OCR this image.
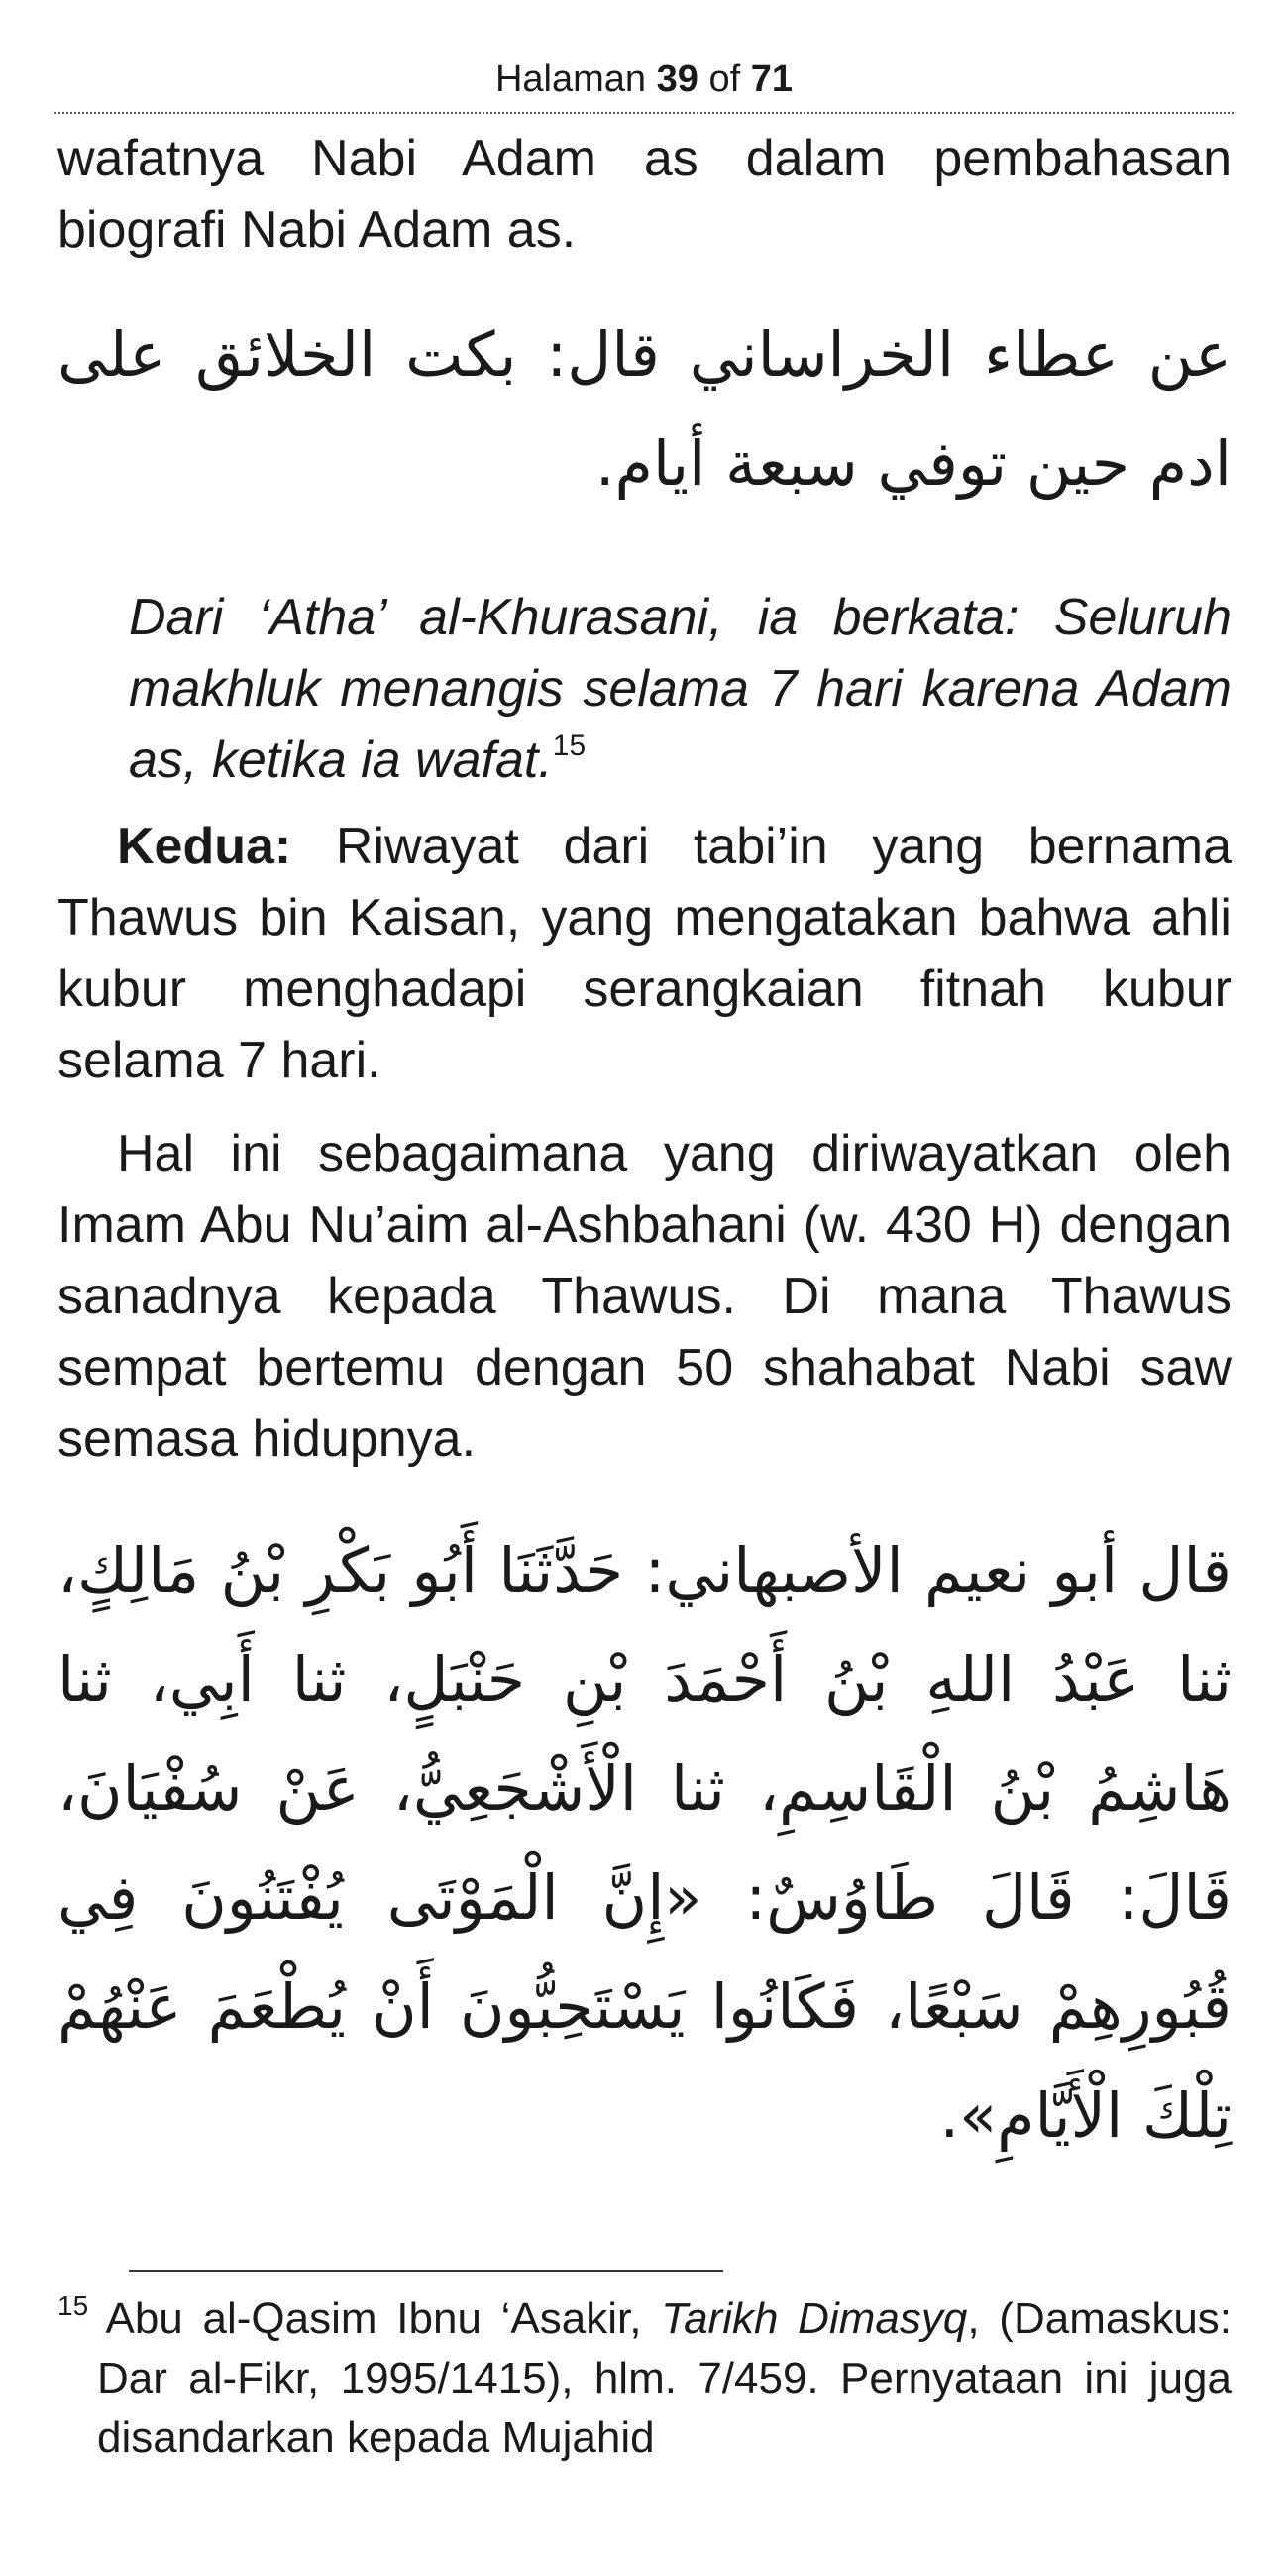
Halaman 39 of 71

wafatnya Nabi Adam as dalam pembahasan biografi Nabi Adam as.

عن عطاء الخراساني قال: بكت الخلائق على ادم حين توفي سبعة أيام.
Dari ‘Atha’ al-Khurasani, ia berkata: Seluruh makhluk menangis selama 7 hari karena Adam as, ketika ia wafat.$^{15}$

Kedua: Riwayat dari tabi’in yang bernama Thawus bin Kaisan, yang mengatakan bahwa ahli kubur menghadapi serangkaian fitnah kubur selama 7 hari.

Hal ini sebagaimana yang diriwayatkan oleh Imam Abu Nu’aim al-Ashbahani (w. 430 H) dengan sanadnya kepada Thawus. Di mana Thawus sempat bertemu dengan 50 shahabat Nabi saw semasa hidupnya.

قال أبو نعيم الأصبهاني: حَدَّثَنَا أَبُو بَكْرِ بْنُ مَالِكٍ، ثنا عَبْدُ اللهِ بْنُ أَحْمَدَ بْنِ حَنْبَلٍ، ثنا أَبِي، ثنا هَاشِمُ بْنُ الْقَاسِمِ، ثنا الْأَشْجَعِيُّ، عَنْ سُفْيَانَ، قَالَ: قَالَ طَاوُسٌ: «إِنَّ الْمَوْتَى يُفْتَنُونَ فِي قُبُورِهِمْ سَبْعًا، فَكَانُوا يَسْتَحِبُّونَ أَنْ يُطْعَمَ عَنْهُمْ تِلْكَ الْأَيَّامِ».
$^{15}$ Abu al-Qasim Ibnu ‘Asakir, Tarikh Dimasyq, (Damaskus: Dar al-Fikr, 1995/1415), hlm. 7/459. Pernyataan ini juga disandarkan kepada Mujahid
